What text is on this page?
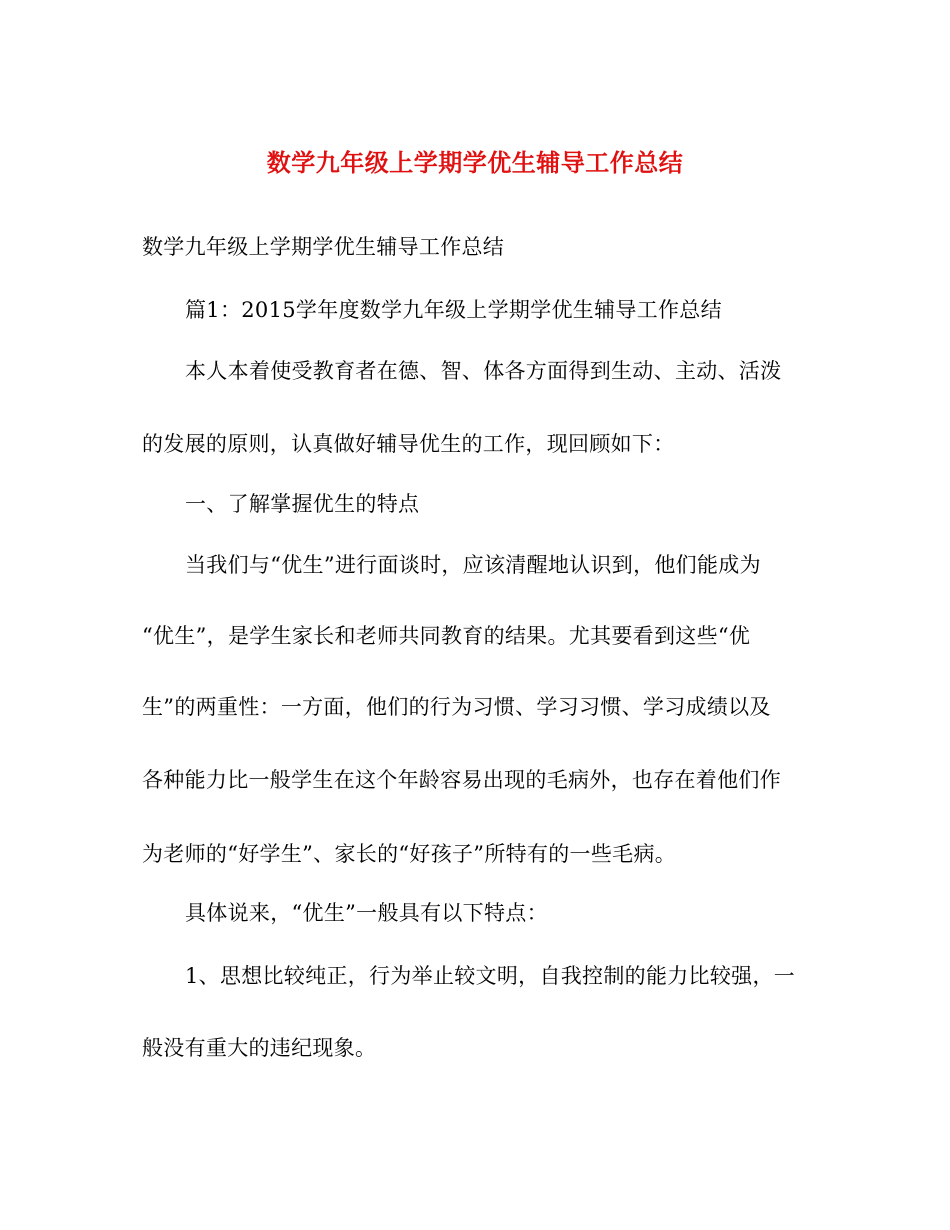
数学九年级上学期学优生辅导工作总结
数学九年级上学期学优生辅导工作总结
篇1：2015学年度数学九年级上学期学优生辅导工作总结
本人本着使受教育者在德、智、体各方面得到生动、主动、活泼
的发展的原则，认真做好辅导优生的工作，现回顾如下：
一、了解掌握优生的特点
当我们与“优生”进行面谈时，应该清醒地认识到，他们能成为
“优生”，是学生家长和老师共同教育的结果。尤其要看到这些“优
生”的两重性：一方面，他们的行为习惯、学习习惯、学习成绩以及
各种能力比一般学生在这个年龄容易出现的毛病外，也存在着他们作
为老师的“好学生”、家长的“好孩子”所特有的一些毛病。
具体说来，“优生”一般具有以下特点：
1、思想比较纯正，行为举止较文明，自我控制的能力比较强，一
般没有重大的违纪现象。
